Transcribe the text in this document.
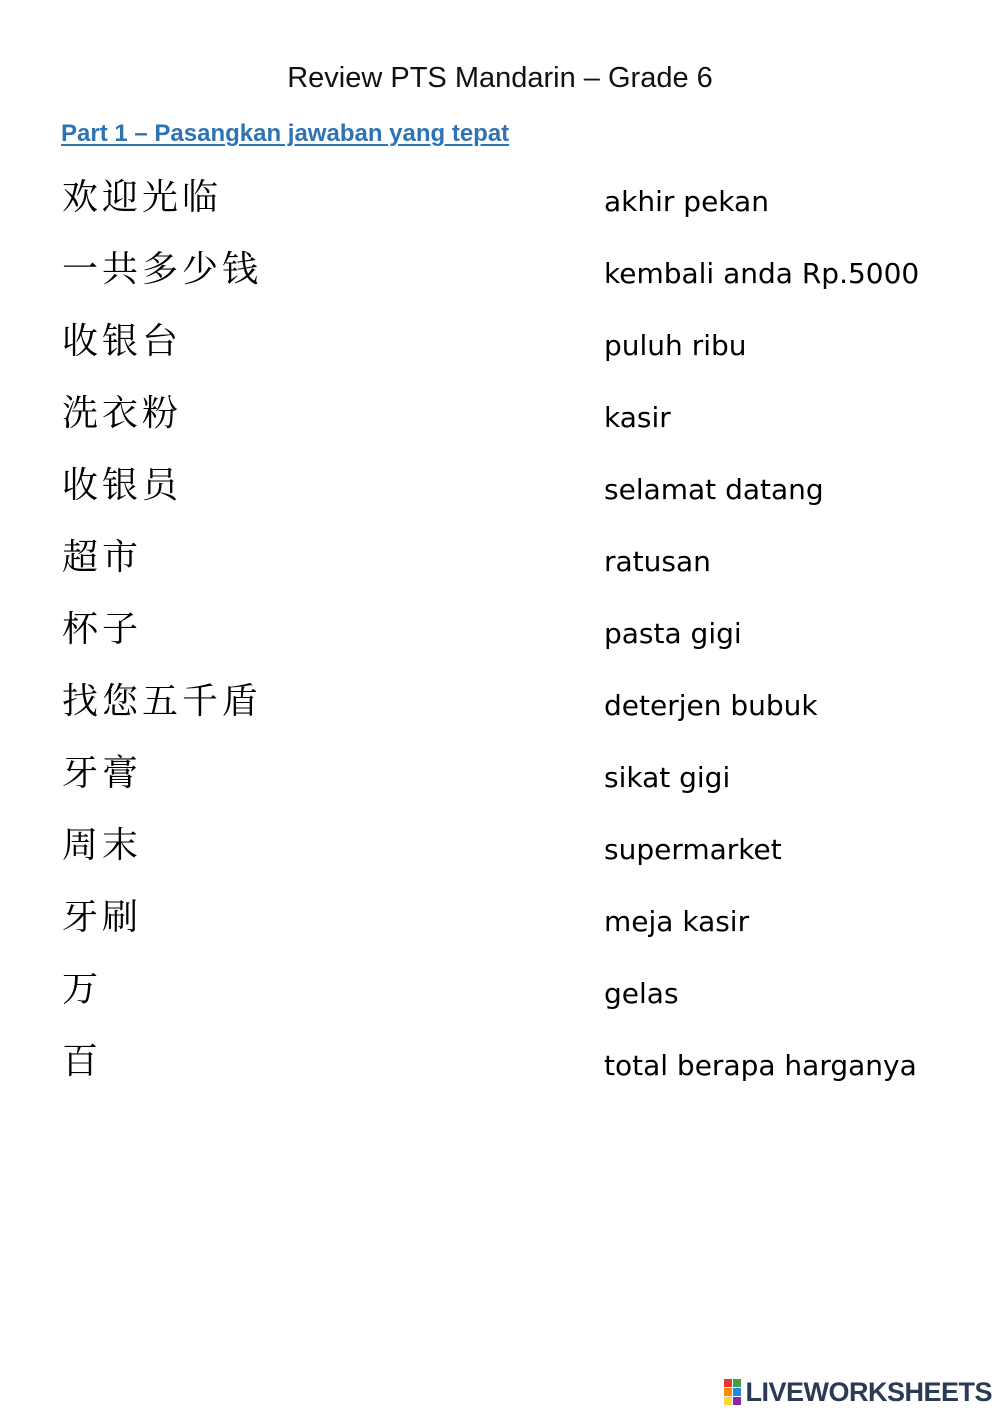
Review PTS Mandarin – Grade 6
Part 1 – Pasangkan jawaban yang tepat
欢迎光临	akhir pekan
一共多少钱	kembali anda Rp.5000
收银台	puluh ribu
洗衣粉	kasir
收银员	selamat datang
超市	ratusan
杯子	pasta gigi
找您五千盾	deterjen bubuk
牙膏	sikat gigi
周末	supermarket
牙刷	meja kasir
万	gelas
百	total berapa harganya
LIVEWORKSHEETS
